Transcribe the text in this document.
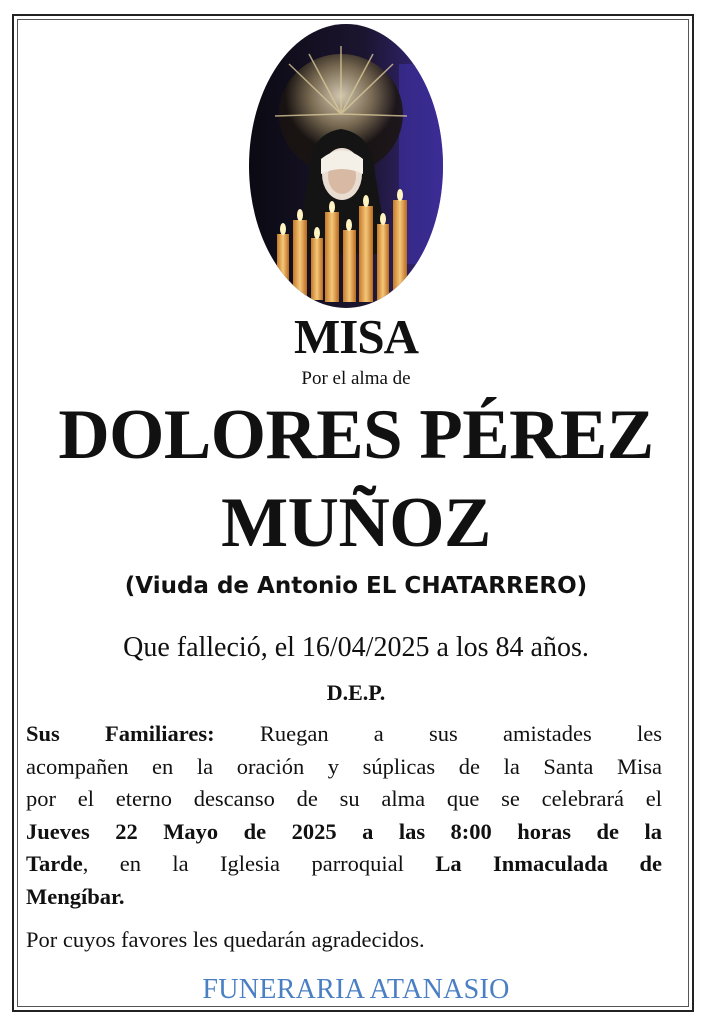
MISA
Por el alma de
DOLORES PÉREZ
MUÑOZ
(Viuda de Antonio EL CHATARRERO)
Que falleció, el 16/04/2025 a los 84 años.
D.E.P.
Sus Familiares: Ruegan a sus amistades les
acompañen en la oración y súplicas de la Santa Misa
por el eterno descanso de su alma que se celebrará el
Jueves 22 Mayo de 2025 a las 8:00 horas de la
Tarde, en la Iglesia parroquial La Inmaculada de
Mengíbar.
Por cuyos favores les quedarán agradecidos.
FUNERARIA ATANASIO
